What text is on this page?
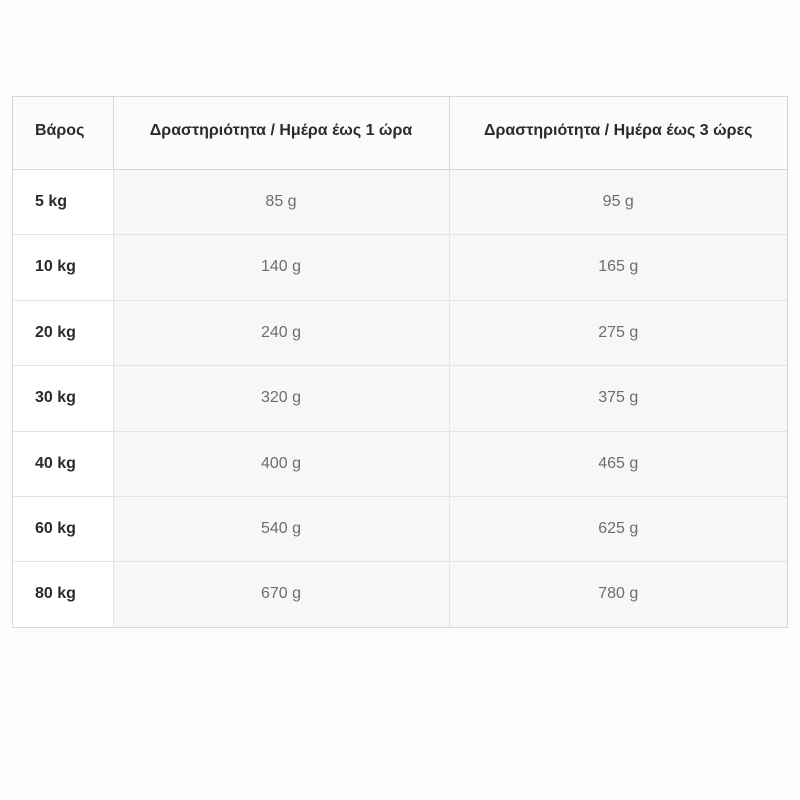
Βάρος	Δραστηριότητα / Ημέρα έως 1 ώρα	Δραστηριότητα / Ημέρα έως 3 ώρες
5 kg	85 g	95 g
10 kg	140 g	165 g
20 kg	240 g	275 g
30 kg	320 g	375 g
40 kg	400 g	465 g
60 kg	540 g	625 g
80 kg	670 g	780 g
